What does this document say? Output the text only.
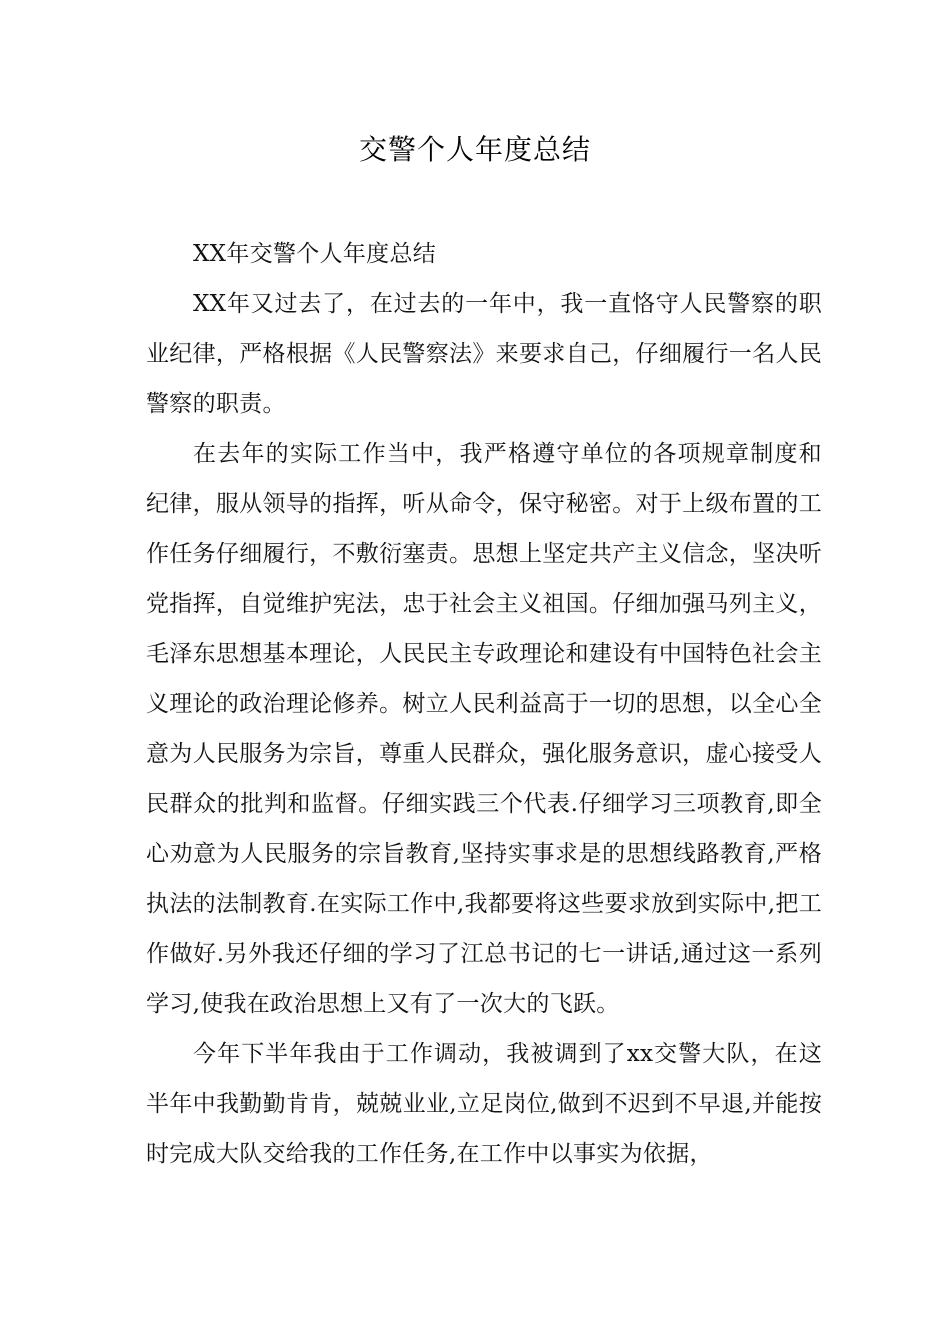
交警个人年度总结

XX年交警个人年度总结

XX年又过去了，在过去的一年中，我一直恪守人民警察的职业纪律，严格根据《人民警察法》来要求自己，仔细履行一名人民警察的职责。

在去年的实际工作当中，我严格遵守单位的各项规章制度和纪律，服从领导的指挥，听从命令，保守秘密。对于上级布置的工作任务仔细履行，不敷衍塞责。思想上坚定共产主义信念，坚决听党指挥，自觉维护宪法，忠于社会主义祖国。仔细加强马列主义，毛泽东思想基本理论，人民民主专政理论和建设有中国特色社会主义理论的政治理论修养。树立人民利益高于一切的思想，以全心全意为人民服务为宗旨，尊重人民群众，强化服务意识，虚心接受人民群众的批判和监督。仔细实践三个代表.仔细学习三项教育,即全心劝意为人民服务的宗旨教育,坚持实事求是的思想线路教育,严格执法的法制教育.在实际工作中,我都要将这些要求放到实际中,把工作做好.另外我还仔细的学习了江总书记的七一讲话,通过这一系列学习,使我在政治思想上又有了一次大的飞跃。

今年下半年我由于工作调动，我被调到了xx交警大队，在这半年中我勤勤肯肯，兢兢业业,立足岗位,做到不迟到不早退,并能按时完成大队交给我的工作任务,在工作中以事实为依据，
